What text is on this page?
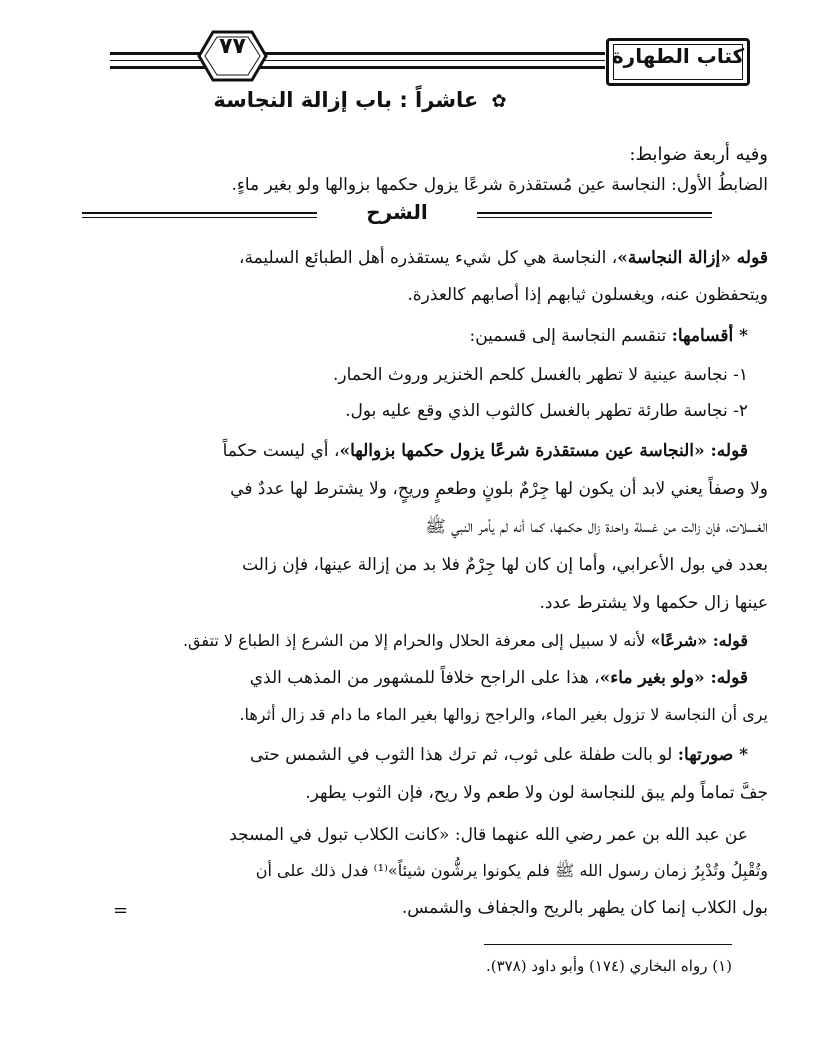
٧٧	كتاب الطهارة
✿ عاشراً : باب إزالة النجاسة
وفيه أربعة ضوابط:
الضابطُ الأول: النجاسة عين مُستقذرة شرعًا يزول حكمها بزوالها ولو بغير ماءٍ.
الشرح
قوله «إزالة النجاسة»، النجاسة هي كل شيء يستقذره أهل الطبائع السليمة،
ويتحفظون عنه، ويغسلون ثيابهم إذا أصابهم كالعذرة.
* أقسامها: تنقسم النجاسة إلى قسمين:
١- نجاسة عينية لا تطهر بالغسل كلحم الخنزير وروث الحمار.
٢- نجاسة طارئة تطهر بالغسل كالثوب الذي وقع عليه بول.
قوله: «النجاسة عين مستقذرة شرعًا يزول حكمها بزوالها»، أي ليست حكماً
ولا وصفاً يعني لابد أن يكون لها جِرْمٌ بلونٍ وطعمٍ وريحٍ، ولا يشترط لها عددٌ في
الغسلات، فإن زالت من غسلة واحدة زال حكمها، كما أنه لم يأمر النبي ﷺ
بعدد في بول الأعرابي، وأما إن كان لها جِرْمٌ فلا بد من إزالة عينها، فإن زالت
عينها زال حكمها ولا يشترط عدد.
قوله: «شرعًا» لأنه لا سبيل إلى معرفة الحلال والحرام إلا من الشرع إذ الطباع لا تتفق.
قوله: «ولو بغير ماء»، هذا على الراجح خلافاً للمشهور من المذهب الذي
يرى أن النجاسة لا تزول بغير الماء، والراجح زوالها بغير الماء ما دام قد زال أثرها.
* صورتها: لو بالت طفلة على ثوب، ثم ترك هذا الثوب في الشمس حتى
جفَّ تماماً ولم يبق للنجاسة لون ولا طعم ولا ريح، فإن الثوب يطهر.
عن عبد الله بن عمر رضي الله عنهما قال: «كانت الكلاب تبول في المسجد
وتُقْبِلُ وتُدْبِرُ زمان رسول الله ﷺ فلم يكونوا يرشُّون شيئاً»⁽¹⁾ فدل ذلك على أن
بول الكلاب إنما كان يطهر بالريح والجفاف والشمس.
=
(١) رواه البخاري (١٧٤) وأبو داود (٣٧٨).
